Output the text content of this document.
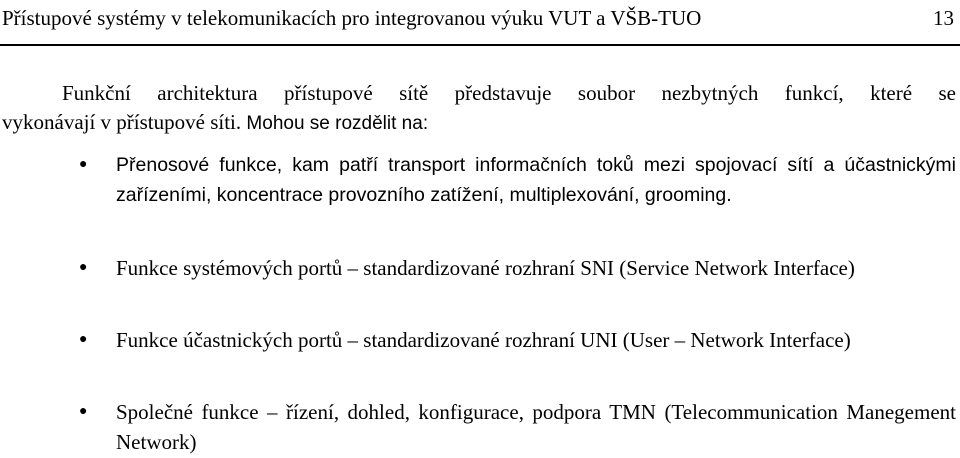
Přístupové systémy v telekomunikacích pro integrovanou výuku VUT a VŠB-TUO	13

Funkční architektura přístupové sítě představuje soubor nezbytných funkcí, které se
vykonávají v přístupové síti. Mohou se rozdělit na:

● Přenosové funkce, kam patří transport informačních toků mezi spojovací sítí a účastnickými zařízeními, koncentrace provozního zatížení, multiplexování, grooming.
● Funkce systémových portů – standardizované rozhraní SNI (Service Network Interface)
● Funkce účastnických portů – standardizované rozhraní UNI (User – Network Interface)
● Společné funkce – řízení, dohled, konfigurace, podpora TMN (Telecommunication Manegement Network)
